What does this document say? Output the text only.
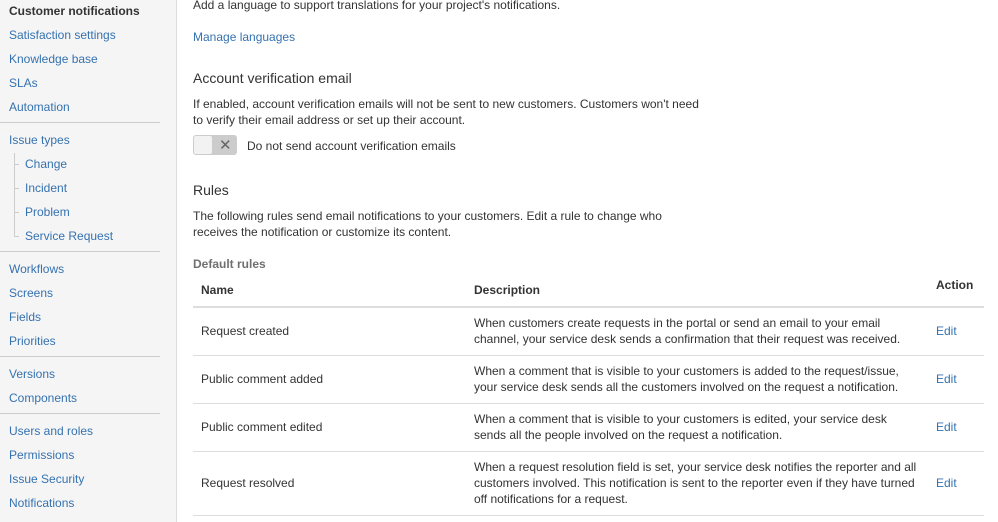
Customer notifications
Satisfaction settings
Knowledge base
SLAs
Automation
Issue types
Change
Incident
Problem
Service Request
Workflows
Screens
Fields
Priorities
Versions
Components
Users and roles
Permissions
Issue Security
Notifications
Add a language to support translations for your project's notifications.
Manage languages
Account verification email
If enabled, account verification emails will not be sent to new customers. Customers won't need
to verify their email address or set up their account.
✕ Do not send account verification emails
Rules
The following rules send email notifications to your customers. Edit a rule to change who
receives the notification or customize its content.
Default rules
Name	Description	Action
Request created	When customers create requests in the portal or send an email to your email channel, your service desk sends a confirmation that their request was received.	Edit
Public comment added	When a comment that is visible to your customers is added to the request/issue, your service desk sends all the customers involved on the request a notification.	Edit
Public comment edited	When a comment that is visible to your customers is edited, your service desk sends all the people involved on the request a notification.	Edit
Request resolved	When a request resolution field is set, your service desk notifies the reporter and all customers involved. This notification is sent to the reporter even if they have turned off notifications for a request.	Edit
